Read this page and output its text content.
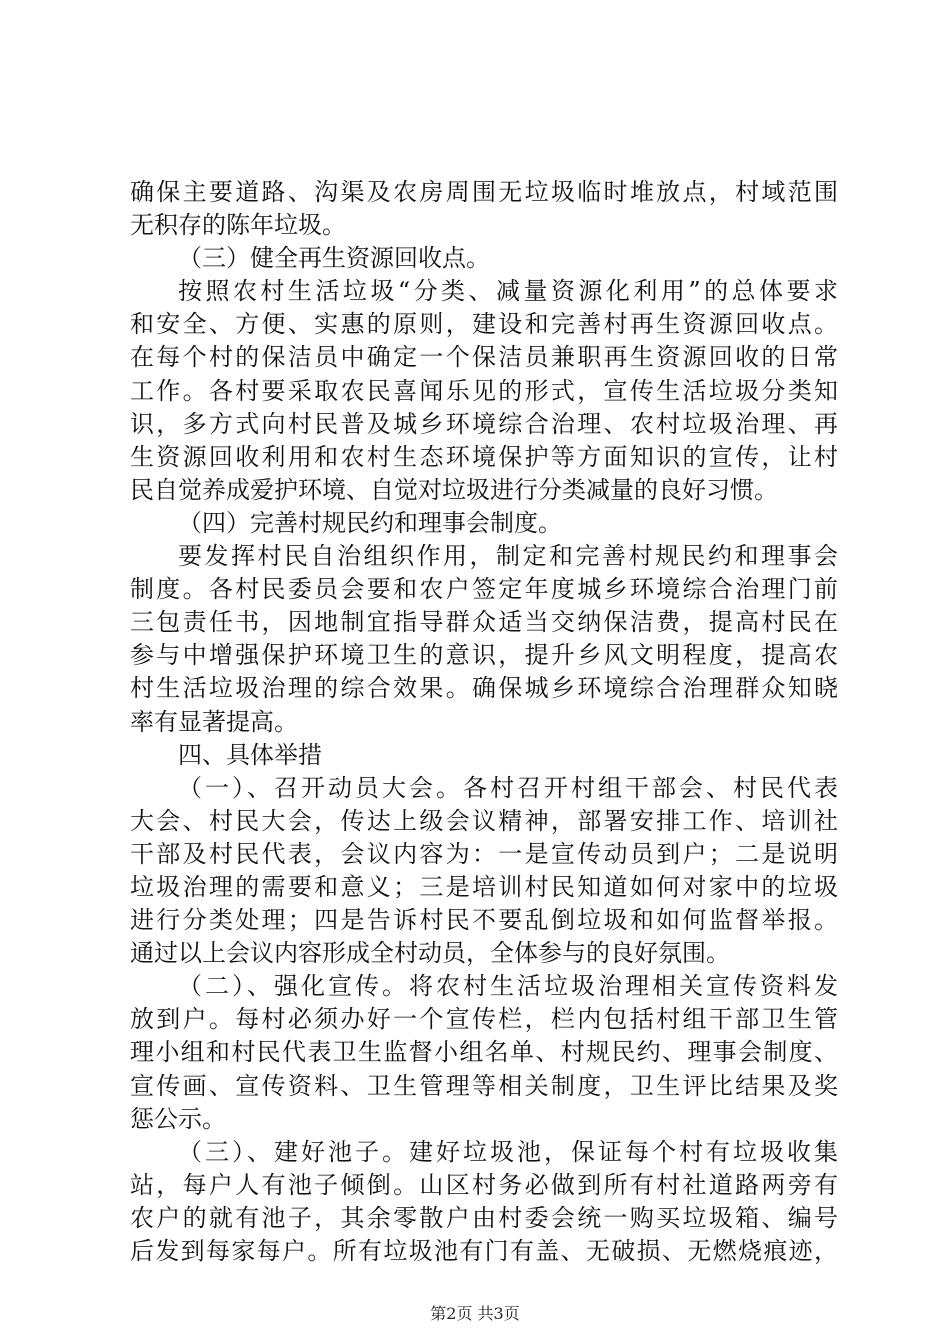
确保主要道路、沟渠及农房周围无垃圾临时堆放点，村域范围
无积存的陈年垃圾。
（三）健全再生资源回收点。
按照农村生活垃圾“分类、减量资源化利用”的总体要求
和安全、方便、实惠的原则，建设和完善村再生资源回收点。
在每个村的保洁员中确定一个保洁员兼职再生资源回收的日常
工作。各村要采取农民喜闻乐见的形式，宣传生活垃圾分类知
识，多方式向村民普及城乡环境综合治理、农村垃圾治理、再
生资源回收利用和农村生态环境保护等方面知识的宣传，让村
民自觉养成爱护环境、自觉对垃圾进行分类减量的良好习惯。
（四）完善村规民约和理事会制度。
要发挥村民自治组织作用，制定和完善村规民约和理事会
制度。各村民委员会要和农户签定年度城乡环境综合治理门前
三包责任书，因地制宜指导群众适当交纳保洁费，提高村民在
参与中增强保护环境卫生的意识，提升乡风文明程度，提高农
村生活垃圾治理的综合效果。确保城乡环境综合治理群众知晓
率有显著提高。
四、具体举措
（一）、召开动员大会。各村召开村组干部会、村民代表
大会、村民大会，传达上级会议精神，部署安排工作、培训社
干部及村民代表，会议内容为：一是宣传动员到户；二是说明
垃圾治理的需要和意义；三是培训村民知道如何对家中的垃圾
进行分类处理；四是告诉村民不要乱倒垃圾和如何监督举报。
通过以上会议内容形成全村动员，全体参与的良好氛围。
（二）、强化宣传。将农村生活垃圾治理相关宣传资料发
放到户。每村必须办好一个宣传栏，栏内包括村组干部卫生管
理小组和村民代表卫生监督小组名单、村规民约、理事会制度、
宣传画、宣传资料、卫生管理等相关制度，卫生评比结果及奖
惩公示。
（三）、建好池子。建好垃圾池，保证每个村有垃圾收集
站，每户人有池子倾倒。山区村务必做到所有村社道路两旁有
农户的就有池子，其余零散户由村委会统一购买垃圾箱、编号
后发到每家每户。所有垃圾池有门有盖、无破损、无燃烧痕迹，
第2页 共3页
